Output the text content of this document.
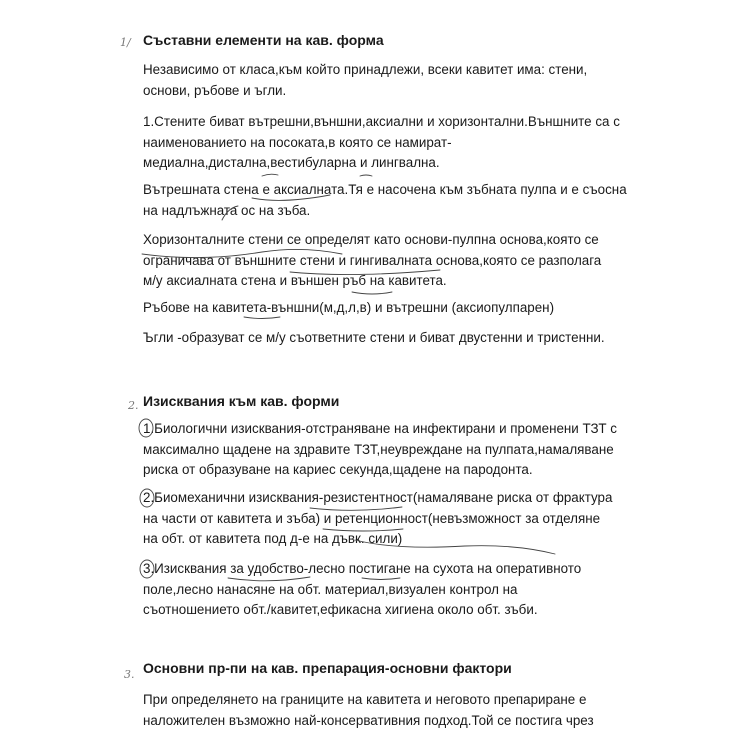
1/ Съставни елементи на кав. форма
Независимо от класа,към който принадлежи, всеки кавитет има: стени,
основи, ръбове и ъгли.
1.Стените биват вътрешни,външни,аксиални и хоризонтални.Външните са с
наименованието на посоката,в която се намират-
медиална,дистална,вестибуларна и лингвална.
Вътрешната стена е аксиалната.Тя е насочена към зъбната пулпа и е съосна
на надлъжната ос на зъба.
Хоризонталните стени се определят като основи-пулпна основа,която се
ограничава от външните стени и гингивалната основа,която се разполага
м/у аксиалната стена и външен ръб на кавитета.
Ръбове на кавитета-външни(м,д,л,в) и вътрешни (аксиопулпарен)
Ъгли -образуват се м/у съответните стени и биват двустенни и тристенни.
2. Изисквания към кав. форми
1.Биологични изисквания-отстраняване на инфектирани и променени ТЗТ с
максимално щадене на здравите ТЗТ,неувреждане на пулпата,намаляване
риска от образуване на кариес секунда,щадене на пародонта.
2.Биомеханични изисквания-резистентност(намаляване риска от фрактура
на части от кавитета и зъба) и ретенционност(невъзможност за отделяне
на обт. от кавитета под д-е на дъвк. сили)
3.Изисквания за удобство-лесно постигане на сухота на оперативното
поле,лесно нанасяне на обт. материал,визуален контрол на
съотношението обт./кавитет,ефикасна хигиена около обт. зъби.
3. Основни пр-пи на кав. препарация-основни фактори
При определянето на границите на кавитета и неговото препариране е
наложителен възможно най-консервативния подход.Той се постига чрез
